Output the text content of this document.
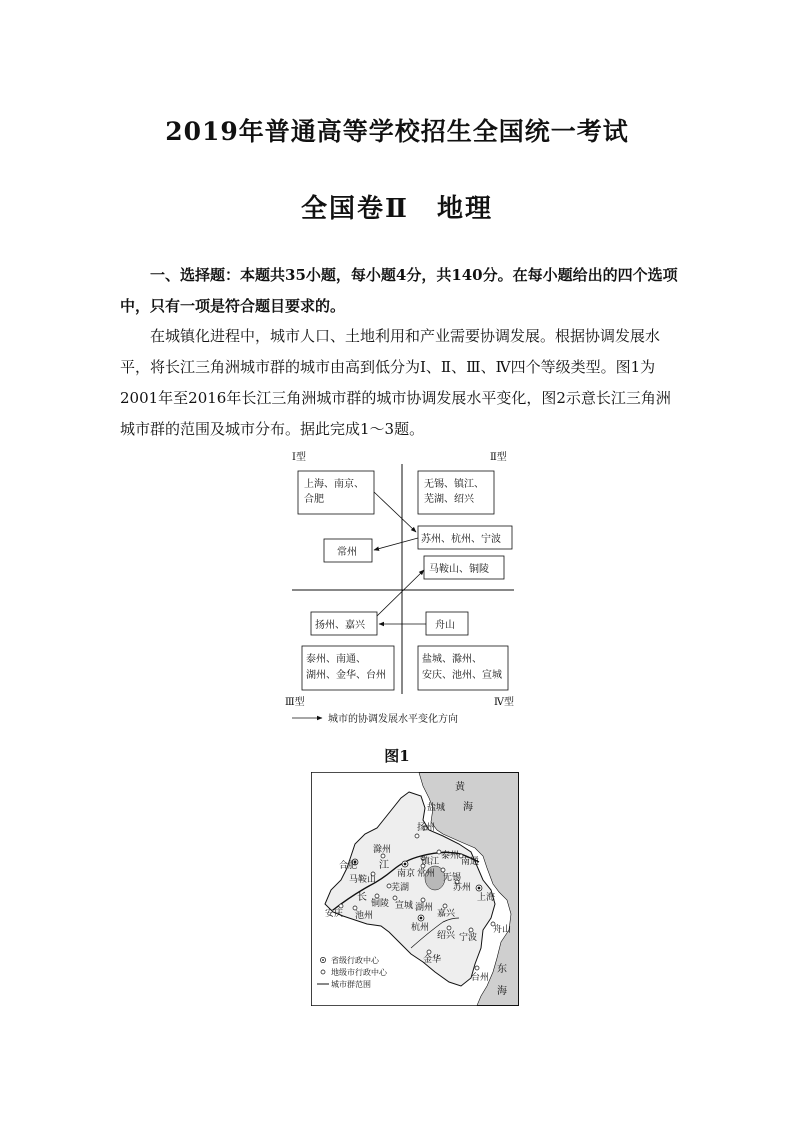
2019年普通高等学校招生全国统一考试
全国卷Ⅱ　地理

一、选择题：本题共35小题，每小题4分，共140分。在每小题给出的四个选项中，只有一项是符合题目要求的。

在城镇化进程中，城市人口、土地利用和产业需要协调发展。根据协调发展水平，将长江三角洲城市群的城市由高到低分为Ⅰ、Ⅱ、Ⅲ、Ⅳ四个等级类型。图1为2001年至2016年长江三角洲城市群的城市协调发展水平变化，图2示意长江三角洲城市群的范围及城市分布。据此完成1～3题。

Ⅰ型	Ⅱ型
Ⅲ型	Ⅳ型
上海、南京、
合肥
无锡、镇江、
芜湖、绍兴
苏州、杭州、宁波
常州
马鞍山、铜陵
扬州、嘉兴	舟山
泰州、南通、
湖州、金华、台州
盐城、滁州、
安庆、池州、宣城
城市的协调发展水平变化方向
图1
黄
海
东
海
江
长
盐城
扬州
滁州
泰州
合肥	镇江 南通
马鞍山
南京 常州 无锡
苏州
上海
芜湖
铜陵 宣城
安庆 池州
湖州
嘉兴
杭州	舟山
绍兴 宁波
金华
台州
省级行政中心
地级市行政中心
城市群范围
